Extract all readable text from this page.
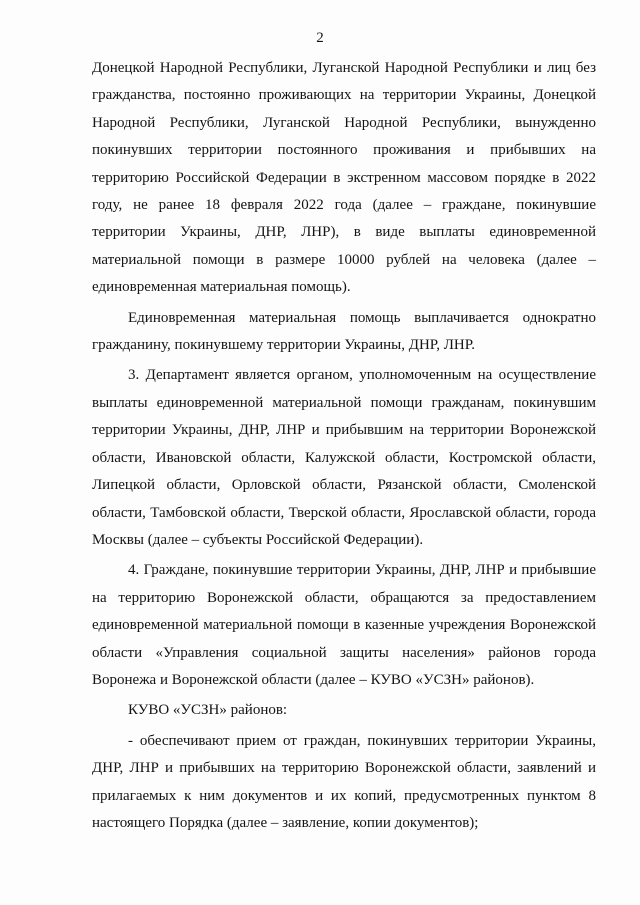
2

Донецкой Народной Республики, Луганской Народной Республики и лиц без гражданства, постоянно проживающих на территории Украины, Донецкой Народной Республики, Луганской Народной Республики, вынужденно покинувших территории постоянного проживания и прибывших на территорию Российской Федерации в экстренном массовом порядке в 2022 году, не ранее 18 февраля 2022 года (далее – граждане, покинувшие территории Украины, ДНР, ЛНР), в виде выплаты единовременной материальной помощи в размере 10000 рублей на человека (далее – единовременная материальная помощь).

Единовременная материальная помощь выплачивается однократно гражданину, покинувшему территории Украины, ДНР, ЛНР.

3. Департамент является органом, уполномоченным на осуществление выплаты единовременной материальной помощи гражданам, покинувшим территории Украины, ДНР, ЛНР и прибывшим на территории Воронежской области, Ивановской области, Калужской области, Костромской области, Липецкой области, Орловской области, Рязанской области, Смоленской области, Тамбовской области, Тверской области, Ярославской области, города Москвы (далее – субъекты Российской Федерации).

4. Граждане, покинувшие территории Украины, ДНР, ЛНР и прибывшие на территорию Воронежской области, обращаются за предоставлением единовременной материальной помощи в казенные учреждения Воронежской области «Управления социальной защиты населения» районов города Воронежа и Воронежской области (далее – КУВО «УСЗН» районов).

КУВО «УСЗН» районов:

- обеспечивают прием от граждан, покинувших территории Украины, ДНР, ЛНР и прибывших на территорию Воронежской области, заявлений и прилагаемых к ним документов и их копий, предусмотренных пунктом 8 настоящего Порядка (далее – заявление, копии документов);
